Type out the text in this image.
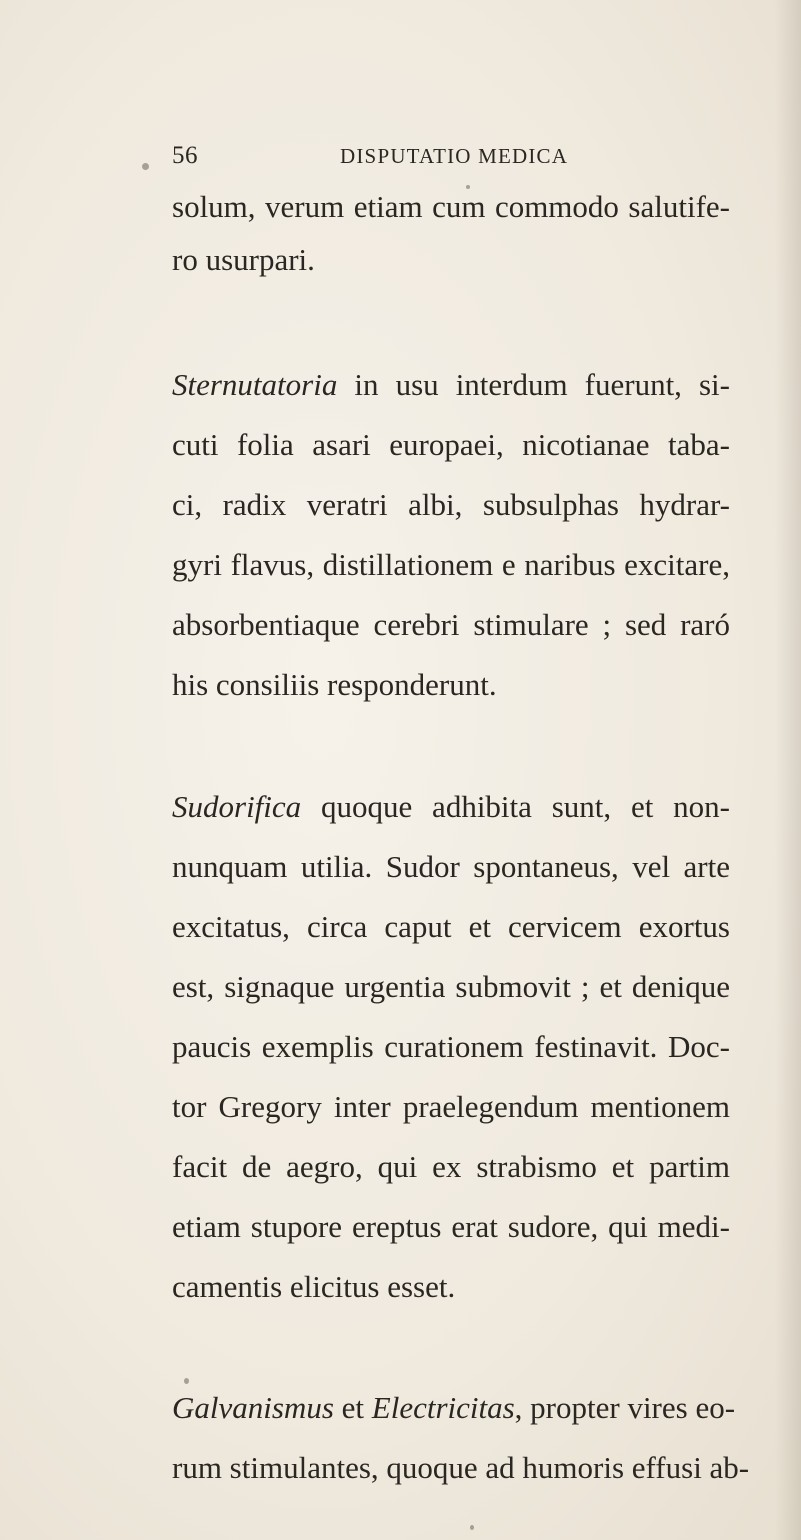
56	DISPUTATIO MEDICA
solum, verum etiam cum commodo salutife-
ro usurpari.
Sternutatoria in usu interdum fuerunt, si-
cuti folia asari europaei, nicotianae taba-
ci, radix veratri albi, subsulphas hydrar-
gyri flavus, distillationem e naribus excitare,
absorbentiaque cerebri stimulare ; sed raró
his consiliis responderunt.
Sudorifica quoque adhibita sunt, et non-
nunquam utilia. Sudor spontaneus, vel arte
excitatus, circa caput et cervicem exortus
est, signaque urgentia submovit ; et denique
paucis exemplis curationem festinavit. Doc-
tor Gregory inter praelegendum mentionem
facit de aegro, qui ex strabismo et partim
etiam stupore ereptus erat sudore, qui medi-
camentis elicitus esset.
Galvanismus et Electricitas, propter vires eo-
rum stimulantes, quoque ad humoris effusi ab-
